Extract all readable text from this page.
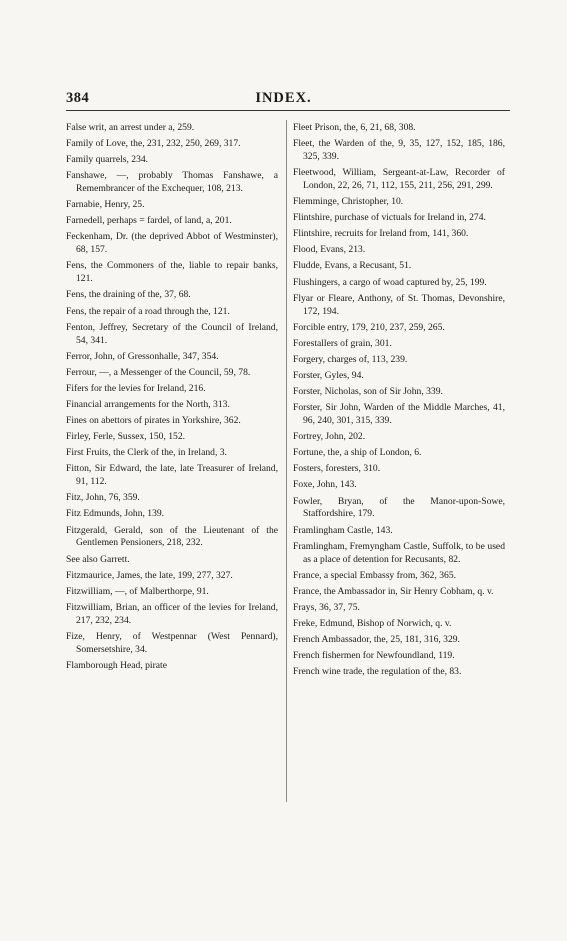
384	INDEX.

False writ, an arrest under a, 259.

Family of Love, the, 231, 232, 250, 269, 317.

Family quarrels, 234.

Fanshawe, —, probably Thomas Fanshawe, a Remembrancer of the Exchequer, 108, 213.

Farnabie, Henry, 25.

Farnedell, perhaps = fardel, of land, a, 201.

Feckenham, Dr. (the deprived Abbot of Westminster), 68, 157.

Fens, the Commoners of the, liable to repair banks, 121.

Fens, the draining of the, 37, 68.

Fens, the repair of a road through the, 121.

Fenton, Jeffrey, Secretary of the Council of Ireland, 54, 341.

Ferror, John, of Gressonhalle, 347, 354.

Ferrour, —, a Messenger of the Council, 59, 78.

Fifers for the levies for Ireland, 216.

Financial arrangements for the North, 313.

Fines on abettors of pirates in Yorkshire, 362.

Firley, Ferle, Sussex, 150, 152.

First Fruits, the Clerk of the, in Ireland, 3.

Fitton, Sir Edward, the late, late Treasurer of Ireland, 91, 112.

Fitz, John, 76, 359.

Fitz Edmunds, John, 139.

Fitzgerald, Gerald, son of the Lieutenant of the Gentlemen Pensioners, 218, 232.

See also Garrett.

Fitzmaurice, James, the late, 199, 277, 327.

Fitzwilliam, —, of Malberthorpe, 91.

Fitzwilliam, Brian, an officer of the levies for Ireland, 217, 232, 234.

Fize, Henry, of Westpennar (West Pennard), Somersetshire, 34.

Flamborough Head, pirate

Fleet Prison, the, 6, 21, 68, 308.

Fleet, the Warden of the, 9, 35, 127, 152, 185, 186, 325, 339.

Fleetwood, William, Sergeant-at-Law, Recorder of London, 22, 26, 71, 112, 155, 211, 256, 291, 299.

Flemminge, Christopher, 10.

Flintshire, purchase of victuals for Ireland in, 274.

Flintshire, recruits for Ireland from, 141, 360.

Flood, Evans, 213.

Fludde, Evans, a Recusant, 51.

Flushingers, a cargo of woad captured by, 25, 199.

Flyar or Fleare, Anthony, of St. Thomas, Devonshire, 172, 194.

Forcible entry, 179, 210, 237, 259, 265.

Forestallers of grain, 301.

Forgery, charges of, 113, 239.

Forster, Gyles, 94.

Forster, Nicholas, son of Sir John, 339.

Forster, Sir John, Warden of the Middle Marches, 41, 96, 240, 301, 315, 339.

Fortrey, John, 202.

Fortune, the, a ship of London, 6.

Fosters, foresters, 310.

Foxe, John, 143.

Fowler, Bryan, of the Manor-upon-Sowe, Staffordshire, 179.

Framlingham Castle, 143.

Framlingham, Fremyngham Castle, Suffolk, to be used as a place of detention for Recusants, 82.

France, a special Embassy from, 362, 365.

France, the Ambassador in, Sir Henry Cobham, q. v.

Frays, 36, 37, 75.

Freke, Edmund, Bishop of Norwich, q. v.

French Ambassador, the, 25, 181, 316, 329.

French fishermen for Newfoundland, 119.

French wine trade, the regulation of the, 83.
